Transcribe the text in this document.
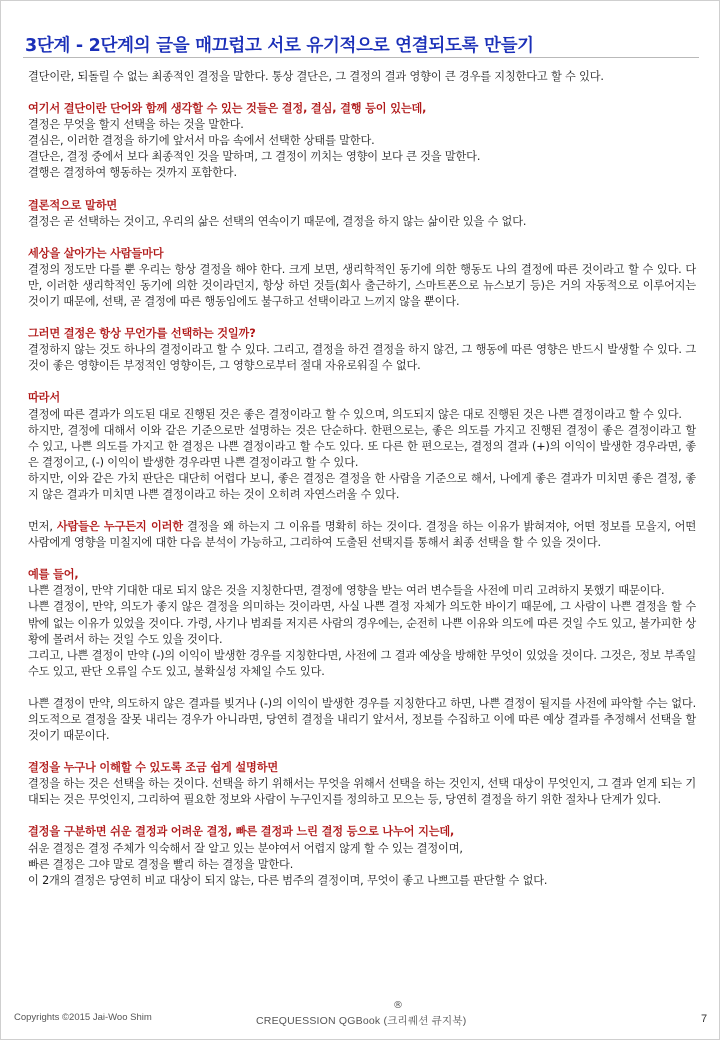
3단계 - 2단계의 글을 매끄럽고 서로 유기적으로 연결되도록 만들기

결단이란, 되돌릴 수 없는 최종적인 결정을 말한다. 통상 결단은, 그 결정의 결과 영향이 큰 경우를 지칭한다고 할 수 있다.

여기서 결단이란 단어와 함께 생각할 수 있는 것들은 결정, 결심, 결행 등이 있는데,

결정은 무엇을 할지 선택을 하는 것을 말한다.

결심은, 이러한 결정을 하기에 앞서서 마음 속에서 선택한 상태를 말한다.

결단은, 결정 중에서 보다 최종적인 것을 말하며, 그 결정이 끼치는 영향이 보다 큰 것을 말한다.

결행은 결정하여 행동하는 것까지 포함한다.

결론적으로 말하면

결정은 곧 선택하는 것이고, 우리의 삶은 선택의 연속이기 때문에, 결정을 하지 않는 삶이란 있을 수 없다.

세상을 살아가는 사람들마다

결정의 정도만 다를 뿐 우리는 항상 결정을 해야 한다. 크게 보면, 생리학적인 동기에 의한 행동도 나의 결정에 따른 것이라고 할 수 있다. 다만, 이러한 생리학적인 동기에 의한 것이라던지, 항상 하던 것들(회사 출근하기, 스마트폰으로 뉴스보기 등)은 거의 자동적으로 이루어지는 것이기 때문에, 선택, 곧 결정에 따른 행동임에도 불구하고 선택이라고 느끼지 않을 뿐이다.

그러면 결정은 항상 무언가를 선택하는 것일까?

결정하지 않는 것도 하나의 결정이라고 할 수 있다. 그리고, 결정을 하건 결정을 하지 않건, 그 행동에 따른 영향은 반드시 발생할 수 있다. 그것이 좋은 영향이든 부정적인 영향이든, 그 영향으로부터 절대 자유로워질 수 없다.

따라서

결정에 따른 결과가 의도된 대로 진행된 것은 좋은 결정이라고 할 수 있으며, 의도되지 않은 대로 진행된 것은 나쁜 결정이라고 할 수 있다.

하지만, 결정에 대해서 이와 같은 기준으로만 설명하는 것은 단순하다. 한편으로는, 좋은 의도를 가지고 진행된 결정이 좋은 결정이라고 할 수 있고, 나쁜 의도를 가지고 한 결정은 나쁜 결정이라고 할 수도 있다. 또 다른 한 편으로는, 결정의 결과 (+)의 이익이 발생한 경우라면, 좋은 결정이고, (-) 이익이 발생한 경우라면 나쁜 결정이라고 할 수 있다.

하지만, 이와 같은 가치 판단은 대단히 어렵다 보니, 좋은 결정은 결정을 한 사람을 기준으로 해서, 나에게 좋은 결과가 미치면 좋은 결정, 좋지 않은 결과가 미치면 나쁜 결정이라고 하는 것이 오히려 자연스러울 수 있다.

먼저, 사람들은 누구든지 이러한 결정을 왜 하는지 그 이유를 명확히 하는 것이다. 결정을 하는 이유가 밝혀져야, 어떤 정보를 모을지, 어떤 사람에게 영향을 미칠지에 대한 다음 분석이 가능하고, 그리하여 도출된 선택지를 통해서 최종 선택을 할 수 있을 것이다.

예를 들어,

나쁜 결정이, 만약 기대한 대로 되지 않은 것을 지칭한다면, 결정에 영향을 받는 여러 변수들을 사전에 미리 고려하지 못했기 때문이다.

나쁜 결정이, 만약, 의도가 좋지 않은 결정을 의미하는 것이라면, 사실 나쁜 결정 자체가 의도한 바이기 때문에, 그 사람이 나쁜 결정을 할 수밖에 없는 이유가 있었을 것이다. 가령, 사기나 범죄를 저지른 사람의 경우에는, 순전히 나쁜 이유와 의도에 따른 것일 수도 있고, 불가피한 상황에 몰려서 하는 것일 수도 있을 것이다.

그리고, 나쁜 결정이 만약 (-)의 이익이 발생한 경우를 지칭한다면, 사전에 그 결과 예상을 방해한 무엇이 있었을 것이다. 그것은, 정보 부족일 수도 있고, 판단 오류일 수도 있고, 불확실성 자체일 수도 있다.

나쁜 결정이 만약, 의도하지 않은 결과를 빚거나 (-)의 이익이 발생한 경우를 지칭한다고 하면, 나쁜 결정이 될지를 사전에 파악할 수는 없다. 의도적으로 결정을 잘못 내리는 경우가 아니라면, 당연히 결정을 내리기 앞서서, 정보를 수집하고 이에 따른 예상 결과를 추정해서 선택을 할 것이기 때문이다.

결정을 누구나 이해할 수 있도록 조금 쉽게 설명하면

결정을 하는 것은 선택을 하는 것이다. 선택을 하기 위해서는 무엇을 위해서 선택을 하는 것인지, 선택 대상이 무엇인지, 그 결과 얻게 되는 기대되는 것은 무엇인지, 그리하여 필요한 정보와 사람이 누구인지를 정의하고 모으는 등, 당연히 결정을 하기 위한 절차나 단계가 있다.

결정을 구분하면 쉬운 결정과 어려운 결정, 빠른 결정과 느린 결정 등으로 나누어 지는데,

쉬운 결정은 결정 주체가 익숙해서 잘 알고 있는 분야여서 어렵지 않게 할 수 있는 결정이며,

빠른 결정은 그야 말로 결정을 빨리 하는 결정을 말한다.

이 2개의 결정은 당연히 비교 대상이 되지 않는, 다른 범주의 결정이며, 무엇이 좋고 나쁘고를 판단할 수 없다.

Copyrights ©2015 Jai-Woo Shim
®
CREQUESSION QGBook (크리퀘션 큐지북)	7
